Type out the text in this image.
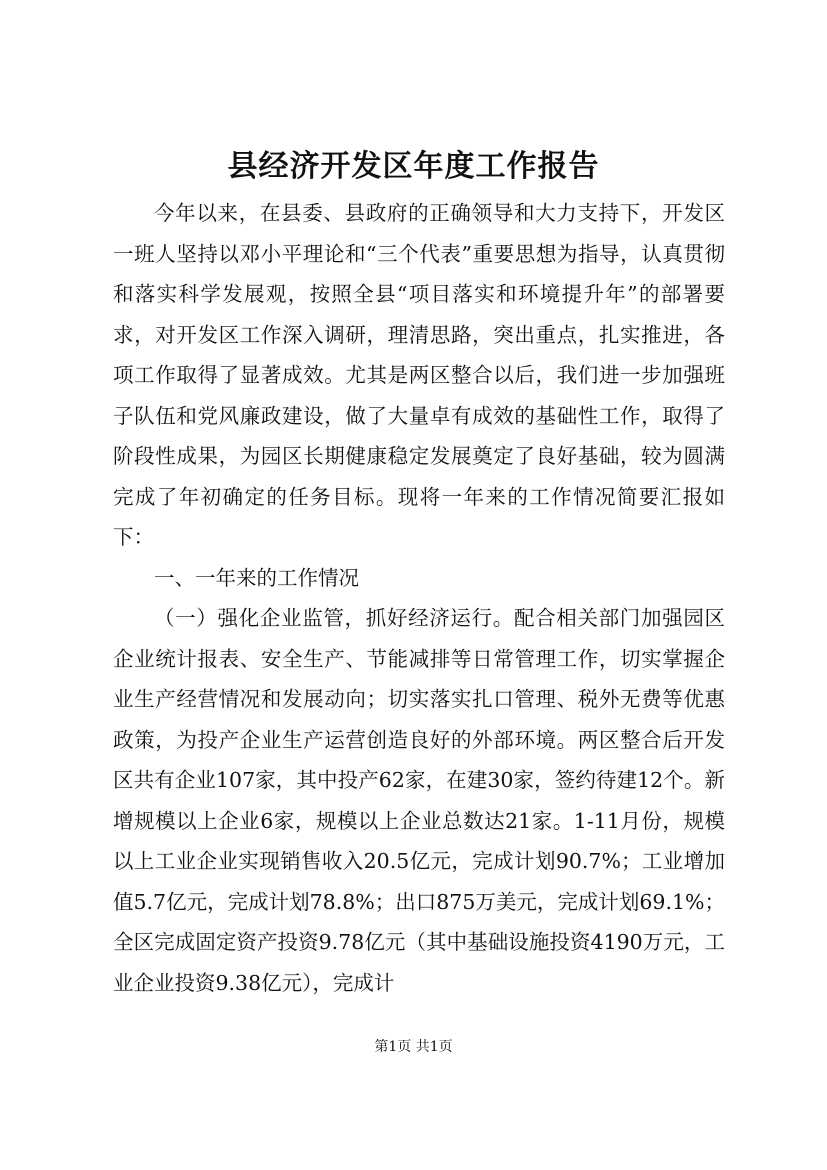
县经济开发区年度工作报告

今年以来，在县委、县政府的正确领导和大力支持下，开发区一班人坚持以邓小平理论和“三个代表”重要思想为指导，认真贯彻和落实科学发展观，按照全县“项目落实和环境提升年”的部署要求，对开发区工作深入调研，理清思路，突出重点，扎实推进，各项工作取得了显著成效。尤其是两区整合以后，我们进一步加强班子队伍和党风廉政建设，做了大量卓有成效的基础性工作，取得了阶段性成果，为园区长期健康稳定发展奠定了良好基础，较为圆满完成了年初确定的任务目标。现将一年来的工作情况简要汇报如下：

一、一年来的工作情况

（一）强化企业监管，抓好经济运行。配合相关部门加强园区企业统计报表、安全生产、节能减排等日常管理工作，切实掌握企业生产经营情况和发展动向；切实落实扎口管理、税外无费等优惠政策，为投产企业生产运营创造良好的外部环境。两区整合后开发区共有企业107家，其中投产62家，在建30家，签约待建12个。新增规模以上企业6家，规模以上企业总数达21家。1-11月份，规模以上工业企业实现销售收入20.5亿元，完成计划90.7%；工业增加值5.7亿元，完成计划78.8%；出口875万美元，完成计划69.1%；全区完成固定资产投资9.78亿元（其中基础设施投资4190万元，工业企业投资9.38亿元），完成计

第1页 共1页
